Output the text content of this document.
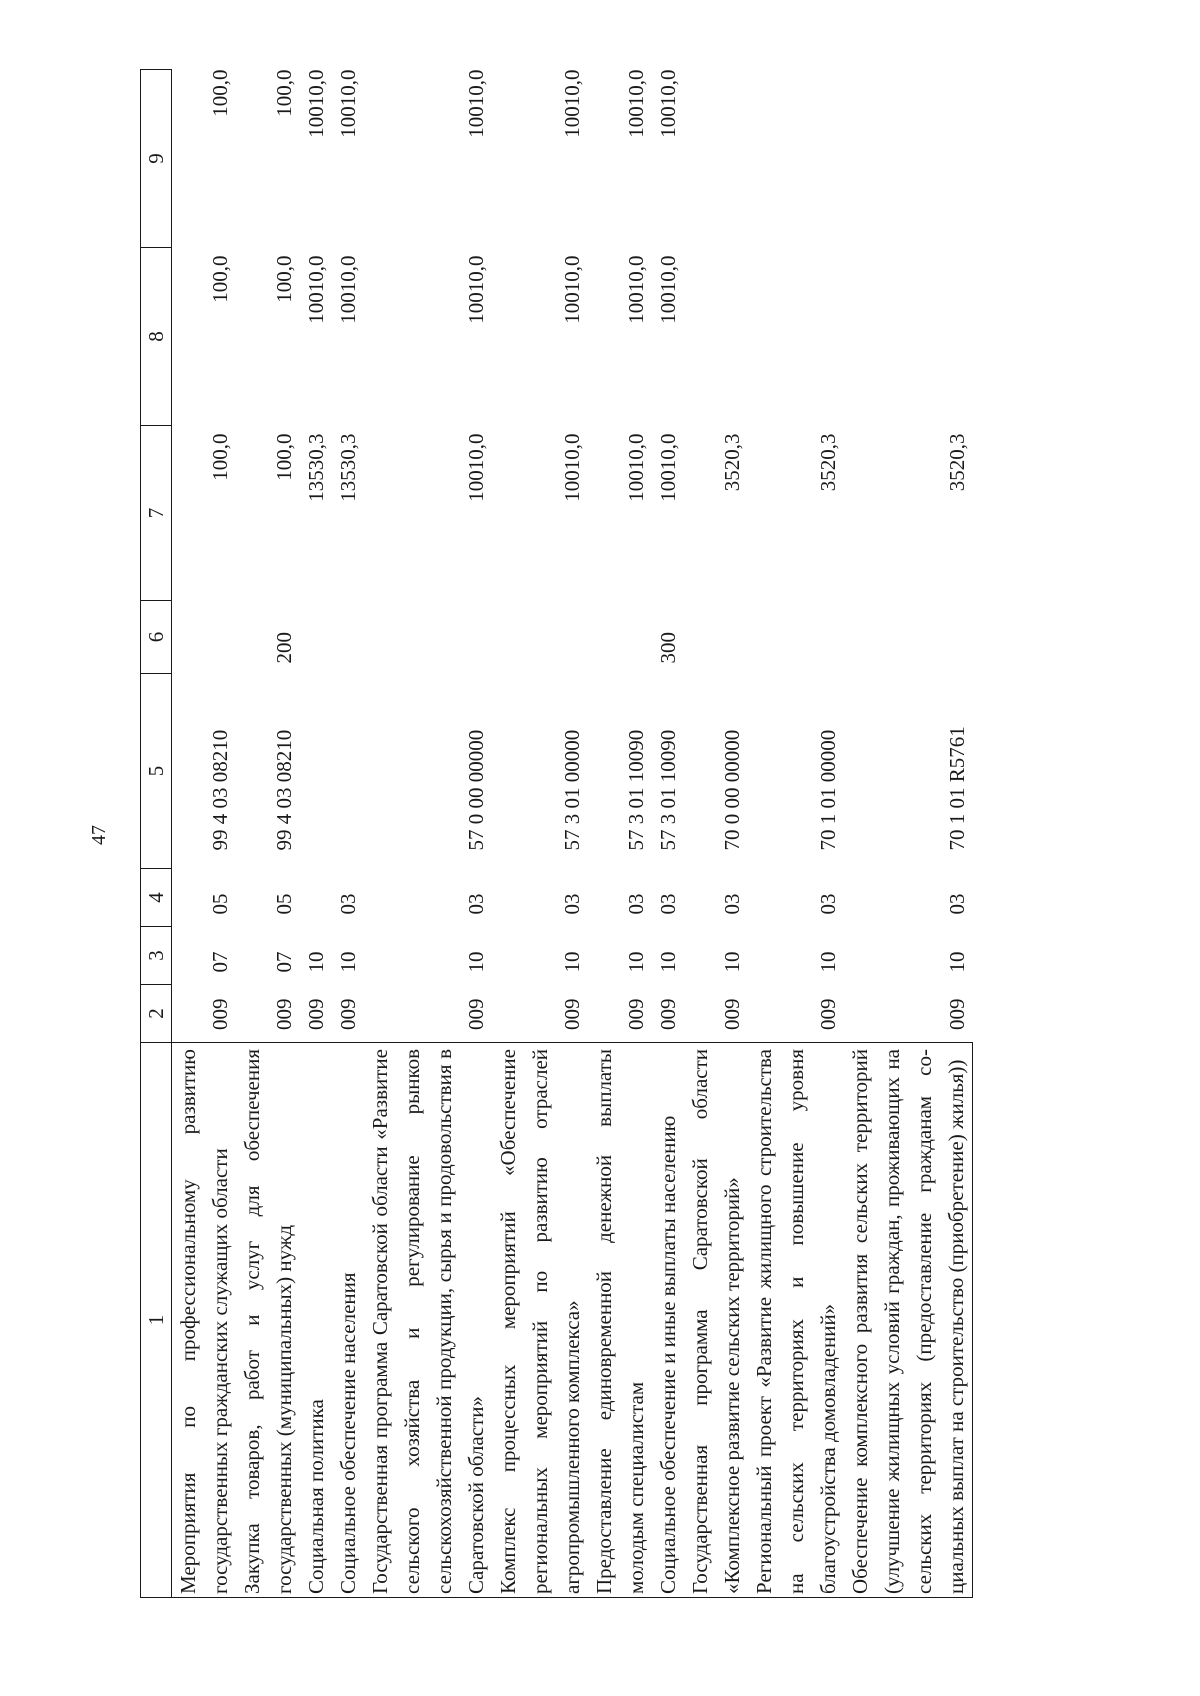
47
1	2	3	4	5	6	7	8	9
Мероприятия по профессиональному развитию государственных гражданских служащих области	009	07	05	99 4 03 08210		100,0	100,0	100,0
Закупка товаров, работ и услуг для обеспечения государственных (муниципальных) нужд	009	07	05	99 4 03 08210	200	100,0	100,0	100,0
Социальная политика	009	10				13530,3	10010,0	10010,0
Социальное обеспечение населения	009	10	03			13530,3	10010,0	10010,0
Государственная программа Саратовской области «Развитие сельского хозяйства и регулирование рынков сельскохозяйственной продукции, сырья и продовольствия в Саратовской области»	009	10	03	57 0 00 00000		10010,0	10010,0	10010,0
Комплекс процессных мероприятий «Обеспечение региональных мероприятий по развитию отраслей агропромышленного комплекса»	009	10	03	57 3 01 00000		10010,0	10010,0	10010,0
Предоставление единовременной денежной выплаты молодым специалистам	009	10	03	57 3 01 10090		10010,0	10010,0	10010,0
Социальное обеспечение и иные выплаты населению	009	10	03	57 3 01 10090	300	10010,0	10010,0	10010,0
Государственная программа Саратовской области «Комплексное развитие сельских территорий»	009	10	03	70 0 00 00000		3520,3		
Региональный проект «Развитие жилищного строительства на сельских территориях и повышение уровня благоустройства домовладений»	009	10	03	70 1 01 00000		3520,3		
Обеспечение комплексного развития сельских территорий (улучшение жилищных условий граждан, проживающих на сельских территориях (предоставление гражданам социальных выплат на строительство (приобретение) жилья))	009	10	03	70 1 01 R5761		3520,3		
